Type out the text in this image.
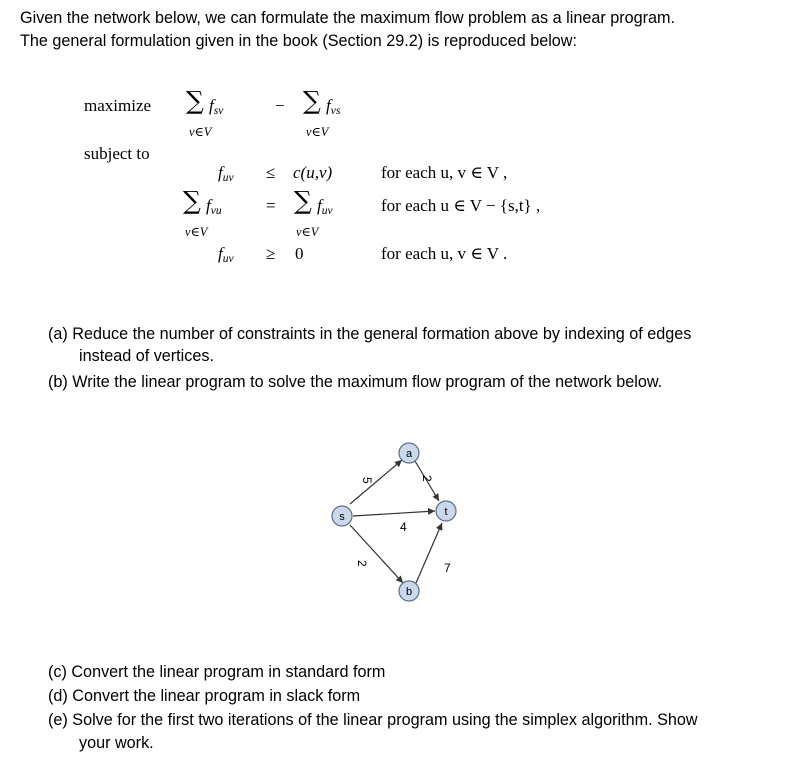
Given the network below, we can formulate the maximum flow problem as a linear program.
The general formulation given in the book (Section 29.2) is reproduced below:
maximize ∑ fsv
v∈V
− ∑ fvs
v∈V
subject to
fuv ≤ c(u,v)	for each u, v ∈ V ,
∑ fvu
v∈V
= ∑ fuv
v∈V
for each u ∈ V − {s,t} ,
fuv ≥ 0	for each u, v ∈ V .
(a) Reduce the number of constraints in the general formation above by indexing of edges
instead of vertices.
(b) Write the linear program to solve the maximum flow program of the network below.
5	2
4
2	7
s
a
t
b
(c) Convert the linear program in standard form
(d) Convert the linear program in slack form
(e) Solve for the first two iterations of the linear program using the simplex algorithm. Show
your work.
